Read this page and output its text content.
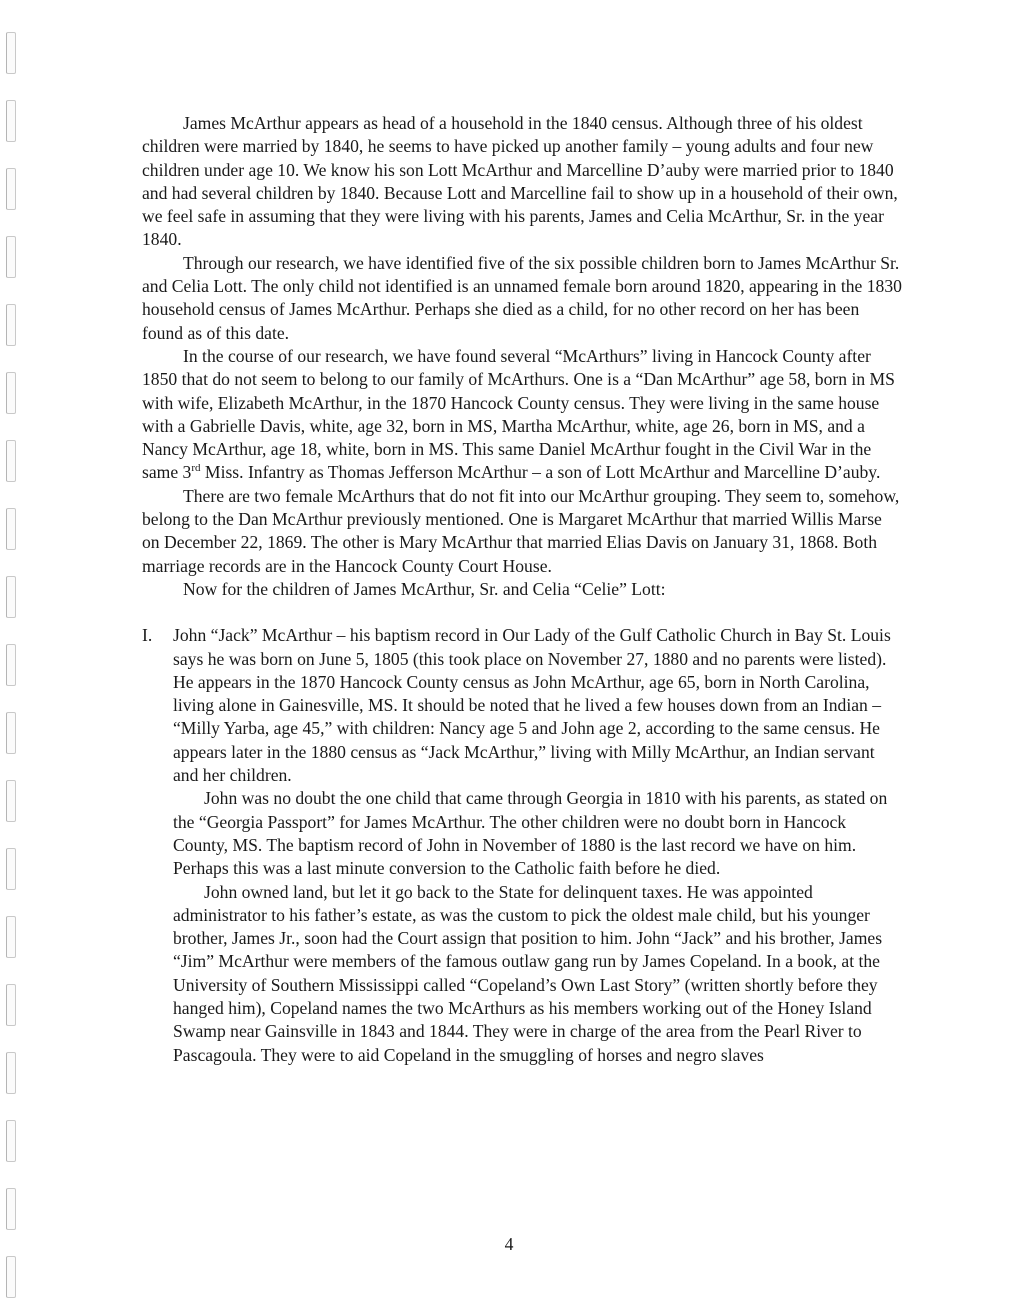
James McArthur appears as head of a household in the 1840 census. Although three of his oldest children were married by 1840, he seems to have picked up another family – young adults and four new children under age 10. We know his son Lott McArthur and Marcelline D’auby were married prior to 1840 and had several children by 1840. Because Lott and Marcelline fail to show up in a household of their own, we feel safe in assuming that they were living with his parents, James and Celia McArthur, Sr. in the year 1840.

Through our research, we have identified five of the six possible children born to James McArthur Sr. and Celia Lott. The only child not identified is an unnamed female born around 1820, appearing in the 1830 household census of James McArthur. Perhaps she died as a child, for no other record on her has been found as of this date.

In the course of our research, we have found several “McArthurs” living in Hancock County after 1850 that do not seem to belong to our family of McArthurs. One is a “Dan McArthur” age 58, born in MS with wife, Elizabeth McArthur, in the 1870 Hancock County census. They were living in the same house with a Gabrielle Davis, white, age 32, born in MS, Martha McArthur, white, age 26, born in MS, and a Nancy McArthur, age 18, white, born in MS. This same Daniel McArthur fought in the Civil War in the same 3rd Miss. Infantry as Thomas Jefferson McArthur – a son of Lott McArthur and Marcelline D’auby.

There are two female McArthurs that do not fit into our McArthur grouping. They seem to, somehow, belong to the Dan McArthur previously mentioned. One is Margaret McArthur that married Willis Marse on December 22, 1869. The other is Mary McArthur that married Elias Davis on January 31, 1868. Both marriage records are in the Hancock County Court House.

Now for the children of James McArthur, Sr. and Celia “Celie” Lott:

I. John “Jack” McArthur – his baptism record in Our Lady of the Gulf Catholic Church in Bay St. Louis says he was born on June 5, 1805 (this took place on November 27, 1880 and no parents were listed). He appears in the 1870 Hancock County census as John McArthur, age 65, born in North Carolina, living alone in Gainesville, MS. It should be noted that he lived a few houses down from an Indian – “Milly Yarba, age 45,” with children: Nancy age 5 and John age 2, according to the same census. He appears later in the 1880 census as “Jack McArthur,” living with Milly McArthur, an Indian servant and her children.

John was no doubt the one child that came through Georgia in 1810 with his parents, as stated on the “Georgia Passport” for James McArthur. The other children were no doubt born in Hancock County, MS. The baptism record of John in November of 1880 is the last record we have on him. Perhaps this was a last minute conversion to the Catholic faith before he died.

John owned land, but let it go back to the State for delinquent taxes. He was appointed administrator to his father’s estate, as was the custom to pick the oldest male child, but his younger brother, James Jr., soon had the Court assign that position to him. John “Jack” and his brother, James “Jim” McArthur were members of the famous outlaw gang run by James Copeland. In a book, at the University of Southern Mississippi called “Copeland’s Own Last Story” (written shortly before they hanged him), Copeland names the two McArthurs as his members working out of the Honey Island Swamp near Gainsville in 1843 and 1844. They were in charge of the area from the Pearl River to Pascagoula. They were to aid Copeland in the smuggling of horses and negro slaves

4
